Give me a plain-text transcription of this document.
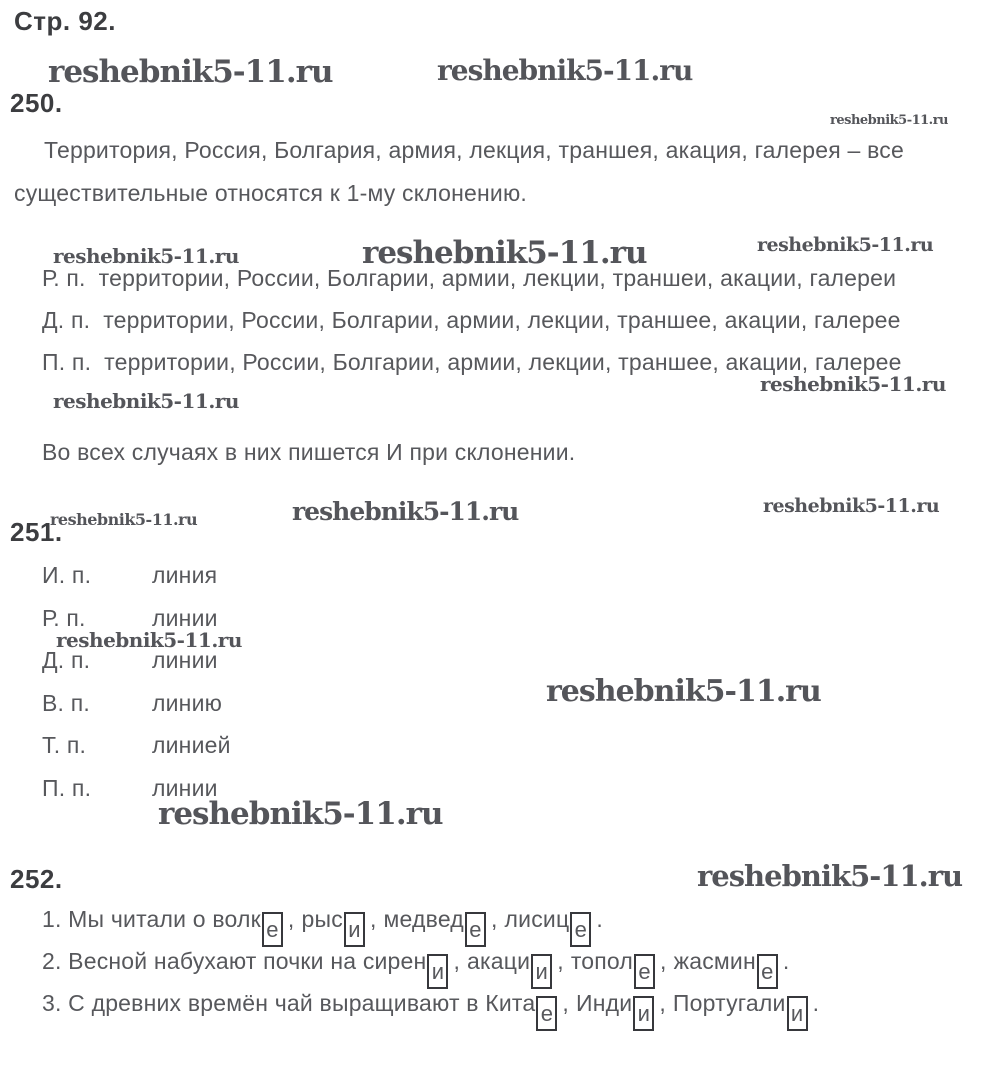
Стр. 92.
reshebnik5-11.ru	reshebnik5-11.ru
reshebnik5-11.ru
reshebnik5-11.ru	reshebnik5-11.ru	reshebnik5-11.ru
reshebnik5-11.ru
reshebnik5-11.ru
reshebnik5-11.ru	reshebnik5-11.ru
reshebnik5-11.ru
reshebnik5-11.ru
reshebnik5-11.ru
reshebnik5-11.ru
reshebnik5-11.ru
250.
Территория, Россия, Болгария, армия, лекция, траншея, акация, галерея – все
существительные относятся к 1-му склонению.
Р. п. территории, России, Болгарии, армии, лекции, траншеи, акации, галереи
Д. п. территории, России, Болгарии, армии, лекции, траншее, акации, галерее
П. п. территории, России, Болгарии, армии, лекции, траншее, акации, галерее
Во всех случаях в них пишется И при склонении.
251.
И. п.	линия
Р. п.	линии
Д. п.	линии
В. п.	линию
Т. п.	линией
П. п.	линии
252.
1. Мы читали о волк е , рыс и , медвед е , лисиц е .
2. Весной набухают почки на сирен и , акаци и , топол е , жасмин е .
3. С древних времён чай выращивают в Кита е , Инди и , Португали и .
